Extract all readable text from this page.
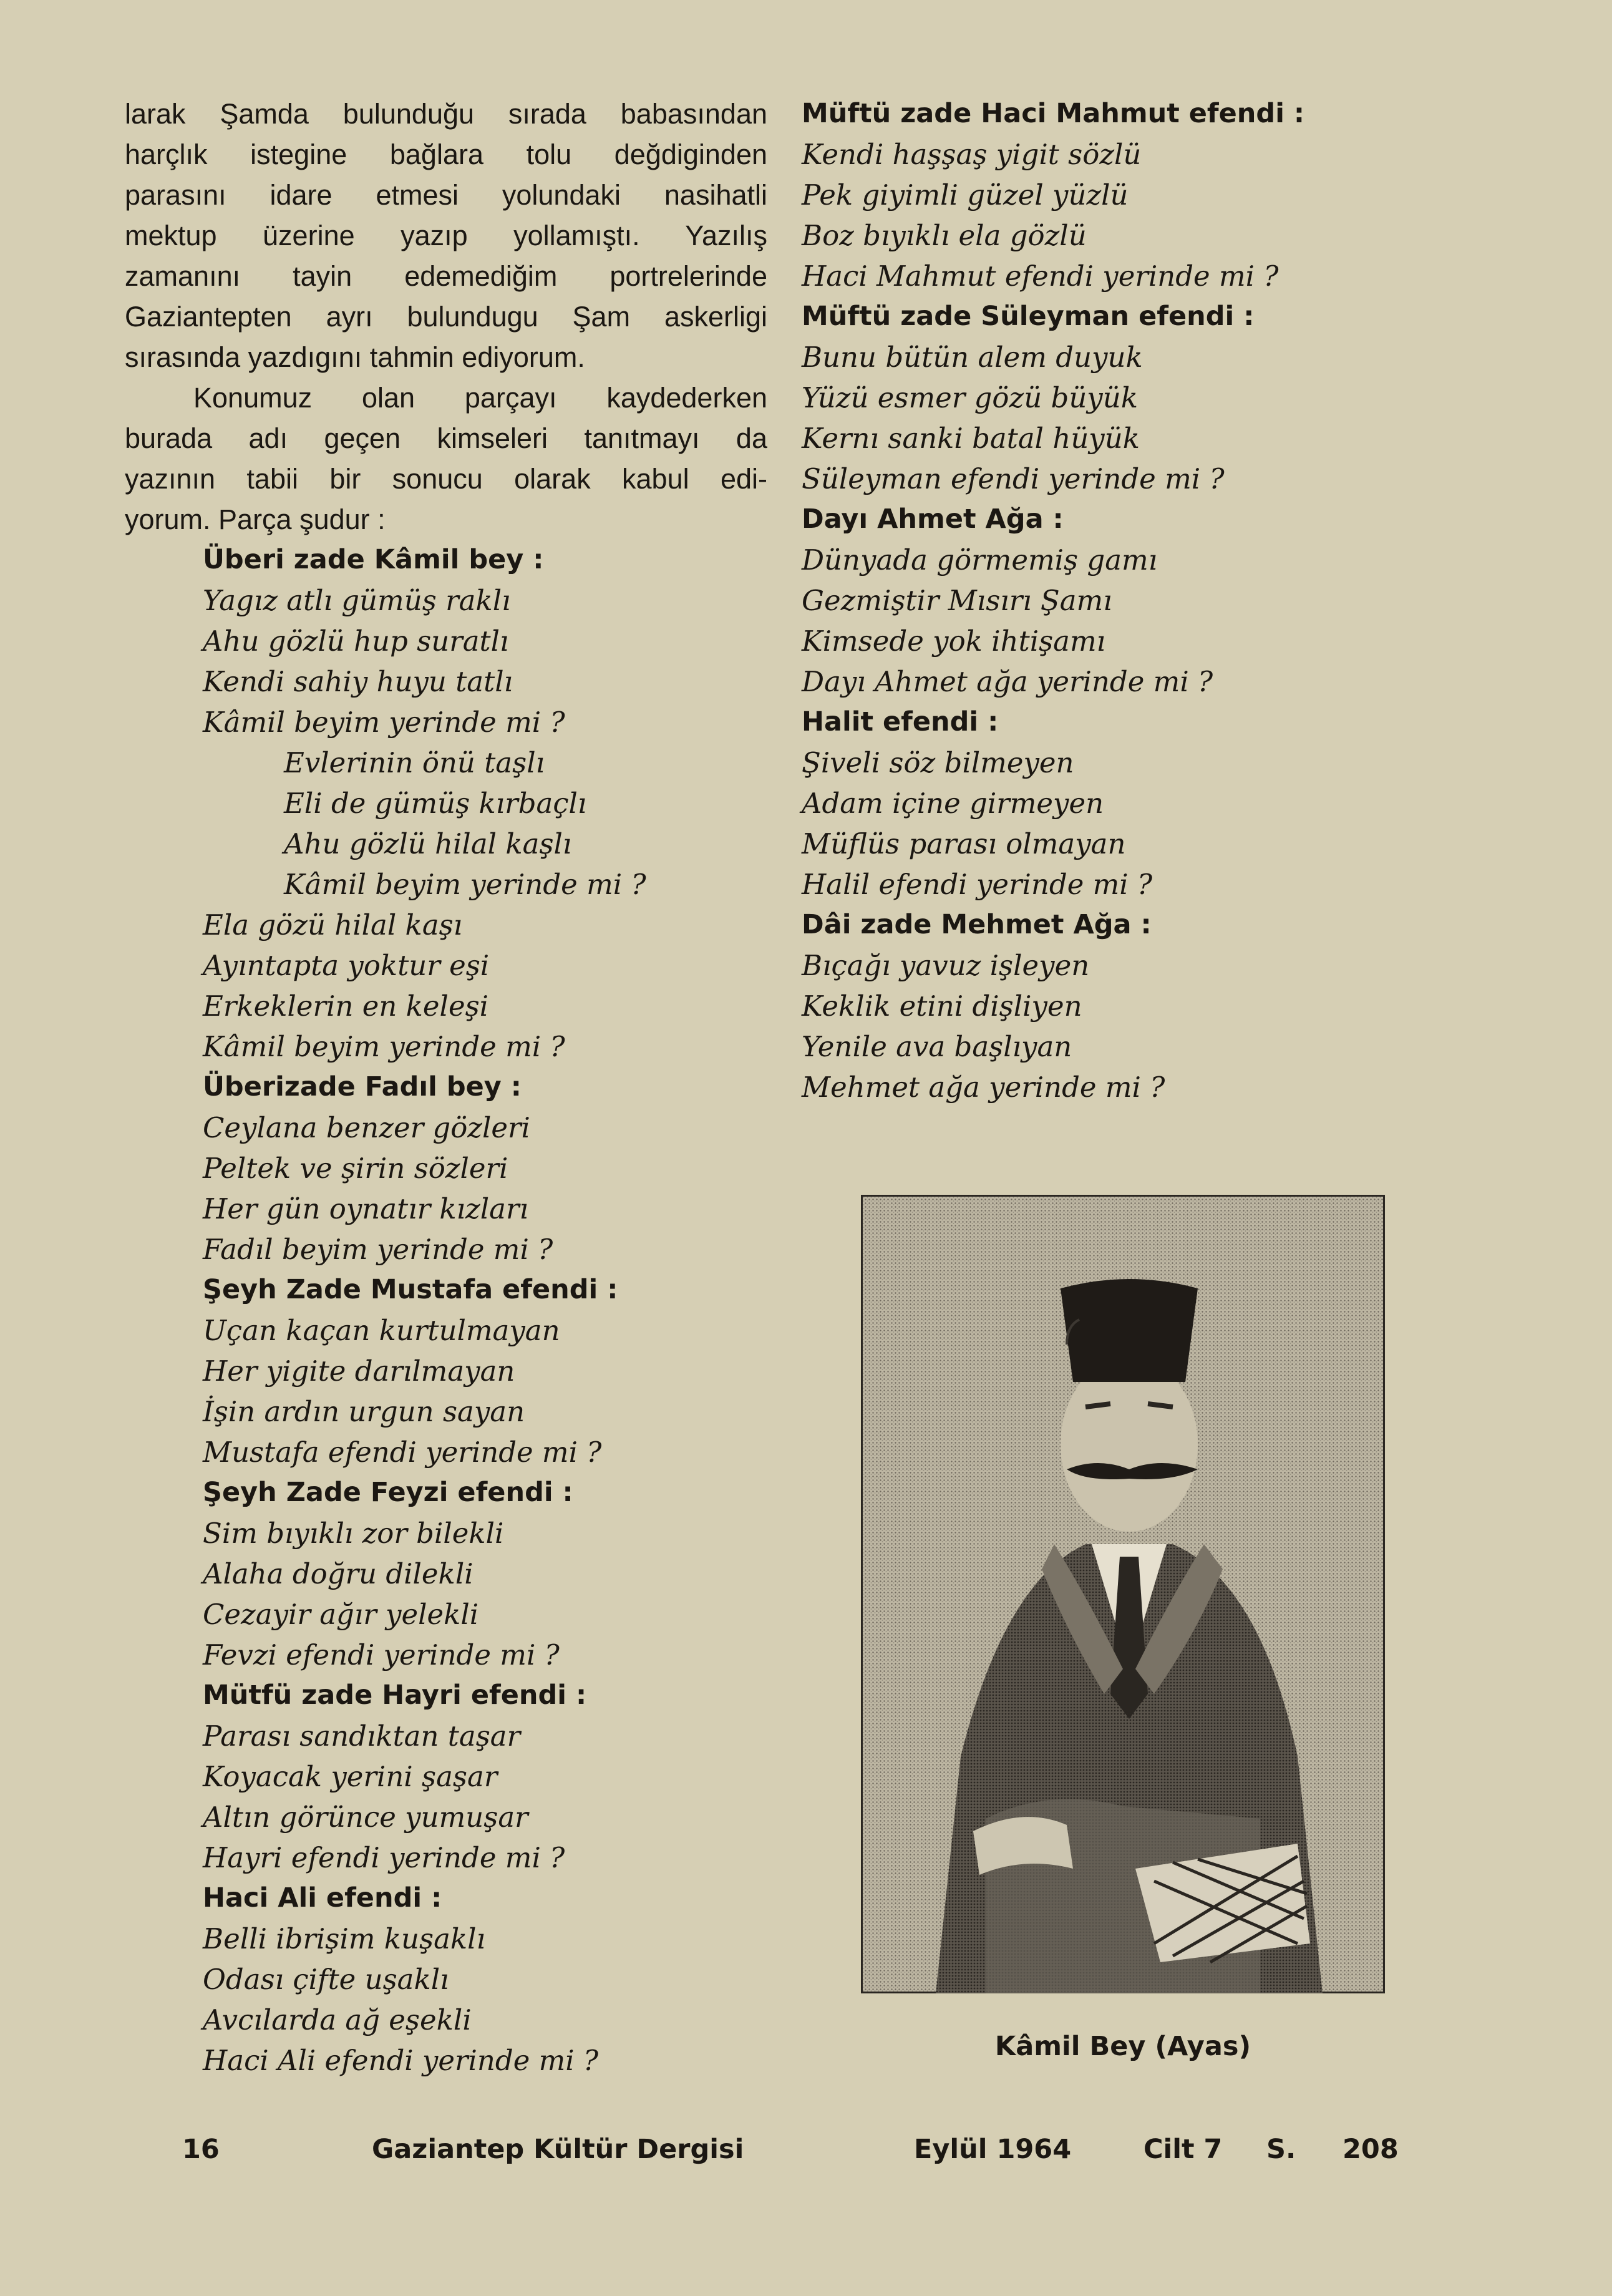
larak Şamda bulunduğu sırada babasından

harçlık istegine bağlara tolu değdiginden

parasını idare etmesi yolundaki nasihatli

mektup üzerine yazıp yollamıştı. Yazılış

zamanını tayin edemediğim portrelerinde

Gaziantepten ayrı bulundugu Şam askerligi

sırasında yazdıgını tahmin ediyorum.

Konumuz olan parçayı kaydederken

burada adı geçen kimseleri tanıtmayı da

yazının tabii bir sonucu olarak kabul edi-

yorum. Parça şudur :

Überi zade Kâmil bey :

Yagız atlı gümüş raklı

Ahu gözlü hup suratlı

Kendi sahiy huyu tatlı

Kâmil beyim yerinde mi ?

Evlerinin önü taşlı

Eli de gümüş kırbaçlı

Ahu gözlü hilal kaşlı

Kâmil beyim yerinde mi ?

Ela gözü hilal kaşı

Ayıntapta yoktur eşi

Erkeklerin en keleşi

Kâmil beyim yerinde mi ?

Überizade Fadıl bey :

Ceylana benzer gözleri

Peltek ve şirin sözleri

Her gün oynatır kızları

Fadıl beyim yerinde mi ?

Şeyh Zade Mustafa efendi :

Uçan kaçan kurtulmayan

Her yigite darılmayan

İşin ardın urgun sayan

Mustafa efendi yerinde mi ?

Şeyh Zade Feyzi efendi :

Sim bıyıklı zor bilekli

Alaha doğru dilekli

Cezayir ağır yelekli

Fevzi efendi yerinde mi ?

Mütfü zade Hayri efendi :

Parası sandıktan taşar

Koyacak yerini şaşar

Altın görünce yumuşar

Hayri efendi yerinde mi ?

Haci Ali efendi :

Belli ibrişim kuşaklı

Odası çifte uşaklı

Avcılarda ağ eşekli

Haci Ali efendi yerinde mi ?

Müftü zade Haci Mahmut efendi :

Kendi haşşaş yigit sözlü

Pek giyimli güzel yüzlü

Boz bıyıklı ela gözlü

Haci Mahmut efendi yerinde mi ?

Müftü zade Süleyman efendi :

Bunu bütün alem duyuk

Yüzü esmer gözü büyük

Kernı sanki batal hüyük

Süleyman efendi yerinde mi ?

Dayı Ahmet Ağa :

Dünyada görmemiş gamı

Gezmiştir Mısırı Şamı

Kimsede yok ihtişamı

Dayı Ahmet ağa yerinde mi ?

Halit efendi :

Şiveli söz bilmeyen

Adam içine girmeyen

Müflüs parası olmayan

Halil efendi yerinde mi ?

Dâi zade Mehmet Ağa :

Bıçağı yavuz işleyen

Keklik etini dişliyen

Yenile ava başlıyan

Mehmet ağa yerinde mi ?

Kâmil Bey (Ayas)
16	Gaziantep Kültür Dergisi	Eylül 1964	Cilt 7 S. 208
